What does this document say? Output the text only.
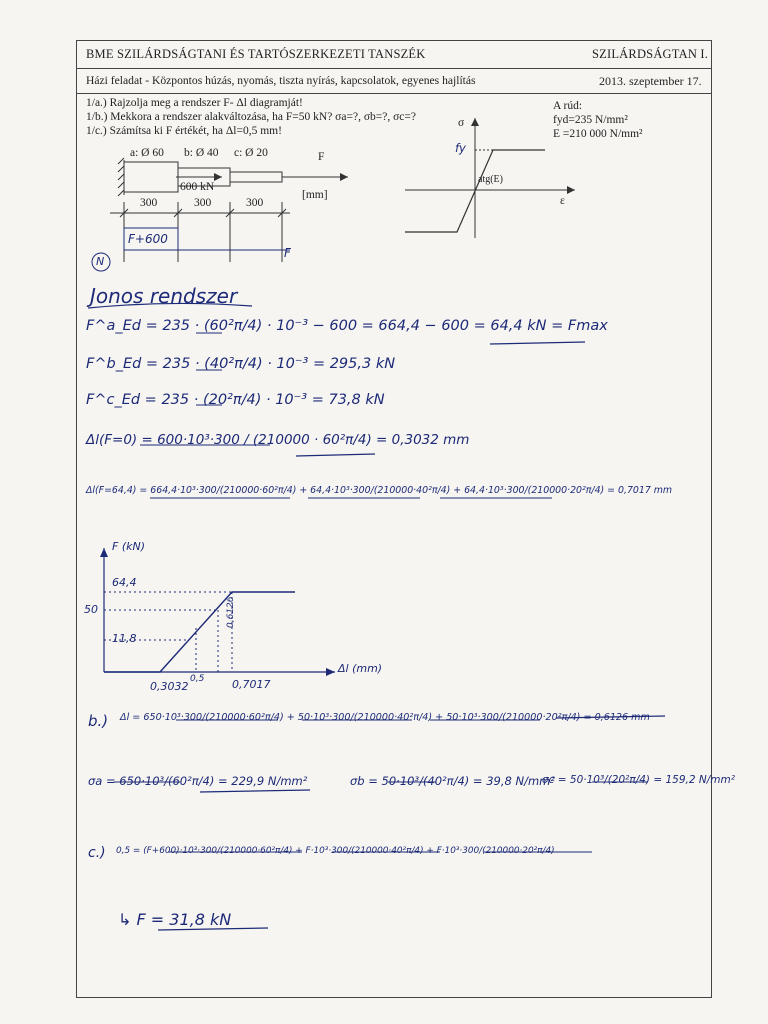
BME SZILÁRDSÁGTANI ÉS TARTÓSZERKEZETI TANSZÉK	SZILÁRDSÁGTAN I.
Házi feladat - Központos húzás, nyomás, tiszta nyírás, kapcsolatok, egyenes hajlítás	2013. szeptember 17.
1/a.) Rajzolja meg a rendszer F- Δl diagramját!
1/b.) Mekkora a rendszer alakváltozása, ha F=50 kN? σa=?, σb=?, σc=?
1/c.) Számítsa ki F értékét, ha Δl=0,5 mm!
A rúd:
fyd=235 N/mm²
E =210 000 N/mm²
a: Ø 60 b: Ø 40 c: Ø 20	F
600 kN
[mm]
300	300	300
F+600
F
N
σ
fy
atg(E)
ε
Jonos rendszer
F^a_Ed = 235 · (60²π/4) · 10⁻³ − 600 = 664,4 − 600 = 64,4 kN = Fmax
F^b_Ed = 235 · (40²π/4) · 10⁻³ = 295,3 kN
F^c_Ed = 235 · (20²π/4) · 10⁻³ = 73,8 kN
Δl(F=0) = 600·10³·300 / (210000 · 60²π/4) = 0,3032 mm
Δl(F=64,4) = 664,4·10³·300/(210000·60²π/4) + 64,4·10³·300/(210000·40²π/4) + 64,4·10³·300/(210000·20²π/4) = 0,7017 mm
F (kN)
Δl (mm)
64,4
50
11,8
0,3032
0,5
0,6126
0,7017
b.) Δl = 650·10³·300/(210000·60²π/4) + 50·10³·300/(210000·40²π/4) + 50·10³·300/(210000·20²π/4) = 0,6126 mm
σa = 650·10³/(60²π/4) = 229,9 N/mm²	σb = 50·10³/(40²π/4) = 39,8 N/mm²
σc = 50·10³/(20²π/4) = 159,2 N/mm²
c.) 0,5 = (F+600)·10³·300/(210000·60²π/4) + F·10³·300/(210000·40²π/4) + F·10³·300/(210000·20²π/4)
↳ F = 31,8 kN
